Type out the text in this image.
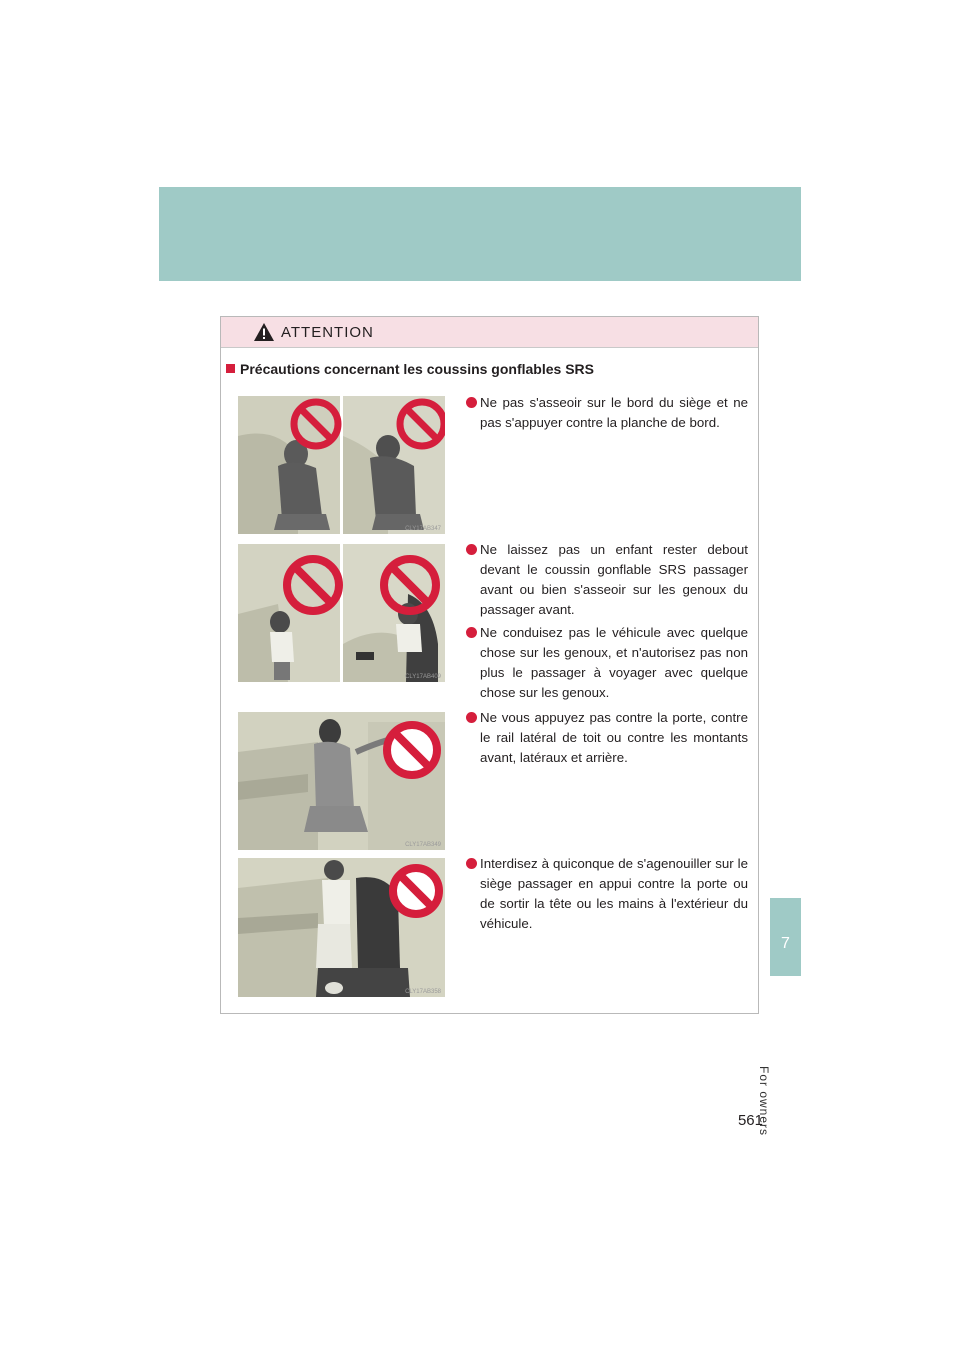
7
For owners
561
ATTENTION
Précautions concernant les coussins gonflables SRS
CLY17AB347
CLY17AB409
CLY17AB349
CLY17AB358
Ne pas s'asseoir sur le bord du siège et ne pas s'appuyer contre la planche de bord.
Ne laissez pas un enfant rester debout devant le coussin gonflable SRS passager avant ou bien s'asseoir sur les genoux du passager avant.
Ne conduisez pas le véhicule avec quelque chose sur les genoux, et n'autorisez pas non plus le passager à voyager avec quelque chose sur les genoux.
Ne vous appuyez pas contre la porte, contre le rail latéral de toit ou contre les montants avant, latéraux et arrière.
Interdisez à quiconque de s'agenouiller sur le siège passager en appui contre la porte ou de sortir la tête ou les mains à l'extérieur du véhicule.
